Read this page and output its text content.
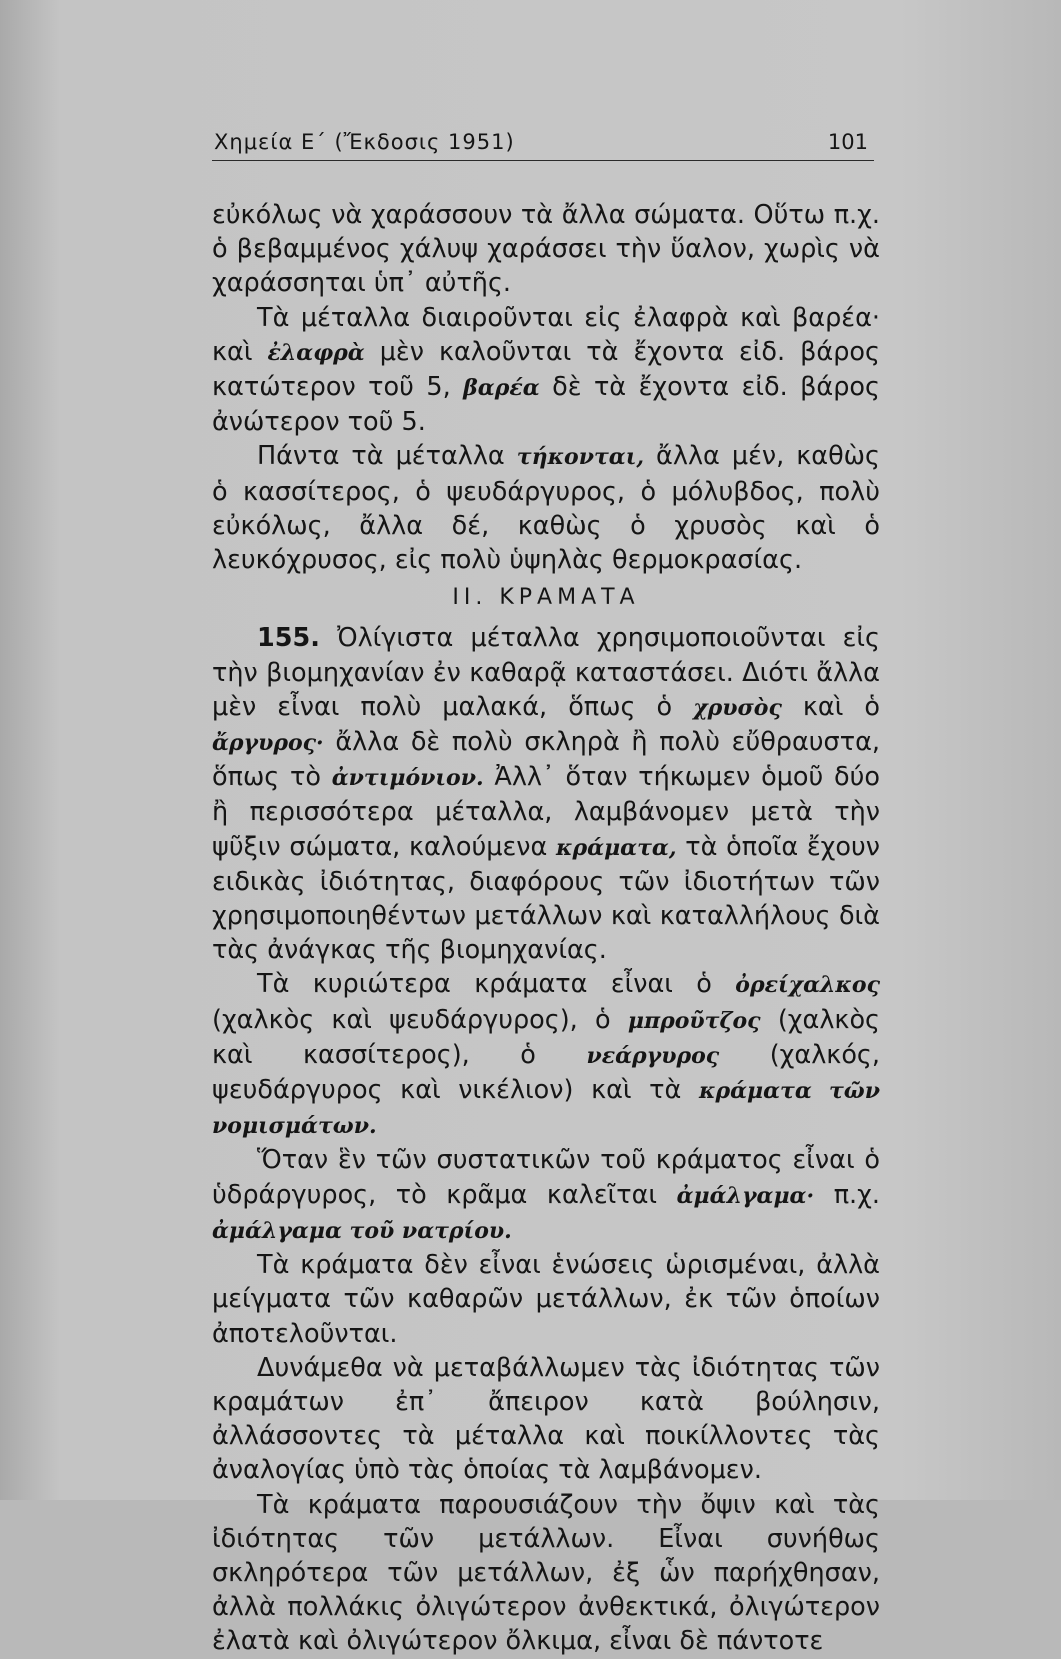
Χημεία Ε΄ (Ἔκδοσις 1951)	101

εὐκόλως νὰ χαράσσουν τὰ ἄλλα σώματα. Οὕτω π.χ. ὁ βεβαμμένος χάλυψ χαράσσει τὴν ὕαλον, χωρὶς νὰ χαράσσηται ὑπ᾽ αὐτῆς.

Τὰ μέταλλα διαιροῦνται εἰς ἐλαφρὰ καὶ βαρέα· καὶ ἐλαφρὰ μὲν καλοῦνται τὰ ἔχοντα εἰδ. βάρος κατώτερον τοῦ 5, βαρέα δὲ τὰ ἔχοντα εἰδ. βάρος ἀνώτερον τοῦ 5.

Πάντα τὰ μέταλλα τήκονται, ἄλλα μέν, καθὼς ὁ κασσίτερος, ὁ ψευδάργυρος, ὁ μόλυβδος, πολὺ εὐκόλως, ἄλλα δέ, καθὼς ὁ χρυσὸς καὶ ὁ λευκόχρυσος, εἰς πολὺ ὑψηλὰς θερμοκρασίας.

II. ΚΡΑΜΑΤΑ

155. Ὀλίγιστα μέταλλα χρησιμοποιοῦνται εἰς τὴν βιομηχανίαν ἐν καθαρᾷ καταστάσει. Διότι ἄλλα μὲν εἶναι πολὺ μαλακά, ὅπως ὁ χρυσὸς καὶ ὁ ἄργυρος· ἄλλα δὲ πολὺ σκληρὰ ἢ πολὺ εὔθραυστα, ὅπως τὸ ἀντιμόνιον. Ἀλλ᾽ ὅταν τήκωμεν ὁμοῦ δύο ἢ περισσότερα μέταλλα, λαμβάνομεν μετὰ τὴν ψῦξιν σώματα, καλούμενα κράματα, τὰ ὁποῖα ἔχουν ειδικὰς ἰδιότητας, διαφόρους τῶν ἰδιοτήτων τῶν χρησιμοποιηθέντων μετάλλων καὶ καταλλήλους διὰ τὰς ἀνάγκας τῆς βιομηχανίας.

Τὰ κυριώτερα κράματα εἶναι ὁ ὀρείχαλκος (χαλκὸς καὶ ψευδάργυρος), ὁ μπροῦτζος (χαλκὸς καὶ κασσίτερος), ὁ νεάργυρος (χαλκός, ψευδάργυρος καὶ νικέλιον) καὶ τὰ κράματα τῶν νομισμάτων.

Ὅταν ἓν τῶν συστατικῶν τοῦ κράματος εἶναι ὁ ὑδράργυρος, τὸ κρᾶμα καλεῖται ἀμάλγαμα· π.χ. ἀμάλγαμα τοῦ νατρίου.

Τὰ κράματα δὲν εἶναι ἑνώσεις ὡρισμέναι, ἀλλὰ μείγματα τῶν καθαρῶν μετάλλων, ἐκ τῶν ὁποίων ἀποτελοῦνται.

Δυνάμεθα νὰ μεταβάλλωμεν τὰς ἰδιότητας τῶν κραμάτων ἐπ᾽ ἄπειρον κατὰ βούλησιν, ἀλλάσσοντες τὰ μέταλλα καὶ ποικίλλοντες τὰς ἀναλογίας ὑπὸ τὰς ὁποίας τὰ λαμβάνομεν.

Τὰ κράματα παρουσιάζουν τὴν ὄψιν καὶ τὰς ἰδιότητας τῶν μετάλλων. Εἶναι συνήθως σκληρότερα τῶν μετάλλων, ἐξ ὧν παρήχθησαν, ἀλλὰ πολλάκις ὀλιγώτερον ἀνθεκτικά, ὀλιγώτερον ἐλατὰ καὶ ὀλιγώτερον ὄλκιμα, εἶναι δὲ πάντοτε
